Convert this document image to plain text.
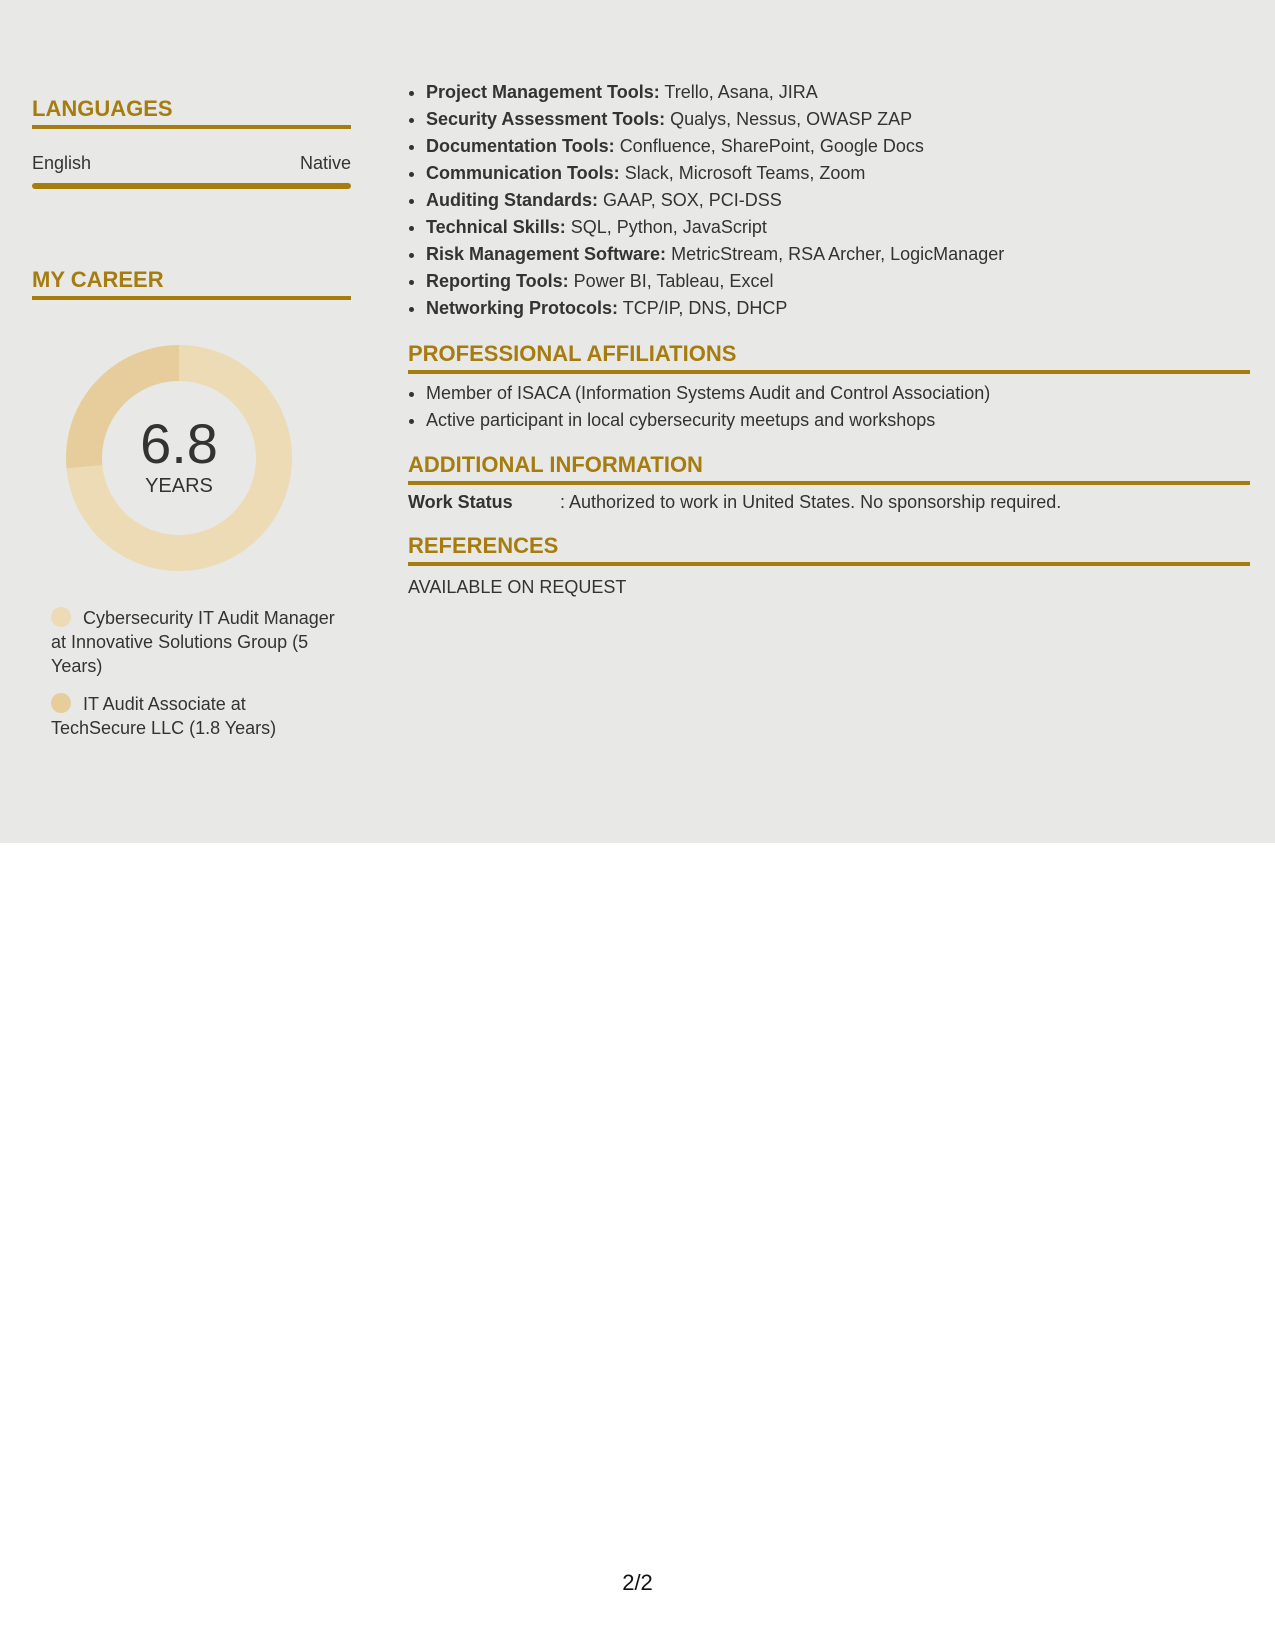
LANGUAGES
English	Native
MY CAREER
6.8
YEARS
Cybersecurity IT Audit Manager at Innovative Solutions Group (5 Years)
IT Audit Associate at TechSecure LLC (1.8 Years)
• Project Management Tools: Trello, Asana, JIRA
• Security Assessment Tools: Qualys, Nessus, OWASP ZAP
• Documentation Tools: Confluence, SharePoint, Google Docs
• Communication Tools: Slack, Microsoft Teams, Zoom
• Auditing Standards: GAAP, SOX, PCI-DSS
• Technical Skills: SQL, Python, JavaScript
• Risk Management Software: MetricStream, RSA Archer, LogicManager
• Reporting Tools: Power BI, Tableau, Excel
• Networking Protocols: TCP/IP, DNS, DHCP
PROFESSIONAL AFFILIATIONS
• Member of ISACA (Information Systems Audit and Control Association)
• Active participant in local cybersecurity meetups and workshops
ADDITIONAL INFORMATION
Work Status	: Authorized to work in United States. No sponsorship required.
REFERENCES
AVAILABLE ON REQUEST
2/2
